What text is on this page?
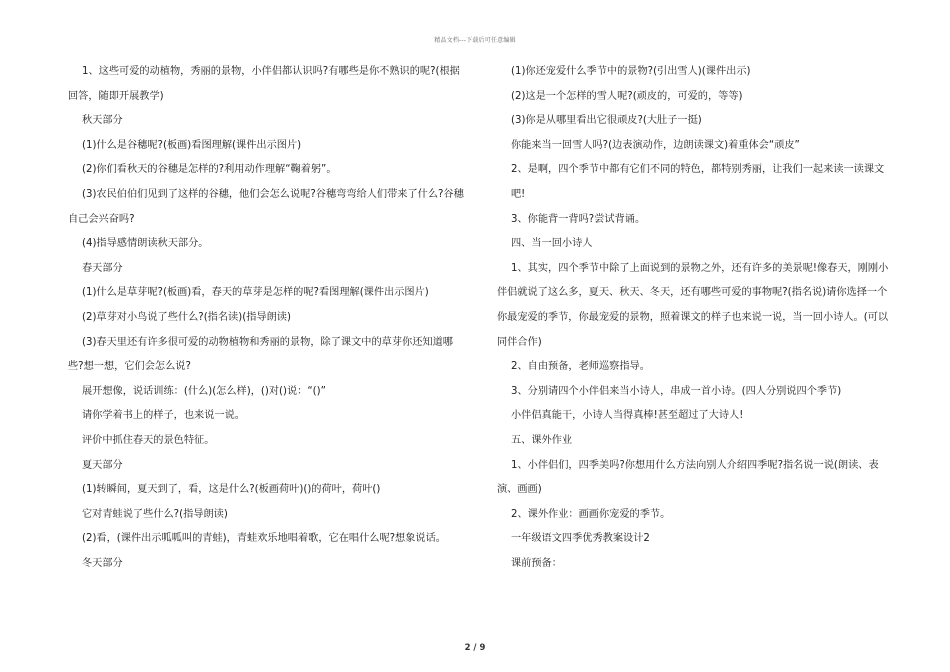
精品文档---下载后可任意编辑

1、这些可爱的动植物，秀丽的景物，小伴侣都认识吗?有哪些是你不熟识的呢?(根据回答，随即开展教学)

秋天部分

(1)什么是谷穗呢?(板画)看图理解(课件出示图片)

(2)你们看秋天的谷穗是怎样的?利用动作理解“鞠着躬”。

(3)农民伯伯们见到了这样的谷穗，他们会怎么说呢?谷穗弯弯给人们带来了什么?谷穗自己会兴奋吗?

(4)指导感情朗读秋天部分。

春天部分

(1)什么是草芽呢?(板画)看，春天的草芽是怎样的呢?看图理解(课件出示图片)

(2)草芽对小鸟说了些什么?(指名读)(指导朗读)

(3)春天里还有许多很可爱的动物植物和秀丽的景物，除了课文中的草芽你还知道哪些?想一想，它们会怎么说?

展开想像，说话训练：(什么)(怎么样)，()对()说：“()”

请你学着书上的样子，也来说一说。

评价中抓住春天的景色特征。

夏天部分

(1)转瞬间，夏天到了，看，这是什么?(板画荷叶)()的荷叶，荷叶()

它对青蛙说了些什么?(指导朗读)

(2)看，(课件出示呱呱叫的青蛙)，青蛙欢乐地唱着歌，它在唱什么呢?想象说话。

冬天部分

(1)你还宠爱什么季节中的景物?(引出雪人)(课件出示)

(2)这是一个怎样的雪人呢?(顽皮的，可爱的，等等)

(3)你是从哪里看出它很顽皮?(大肚子一挺)

你能来当一回雪人吗?(边表演动作，边朗读课文)着重体会“顽皮”

2、是啊，四个季节中都有它们不同的特色，都特别秀丽，让我们一起来读一读课文

吧!

3、你能背一背吗?尝试背诵。

四、当一回小诗人

1、其实，四个季节中除了上面说到的景物之外，还有许多的美景呢!像春天，刚刚小伴侣就说了这么多，夏天、秋天、冬天，还有哪些可爱的事物呢?(指名说)请你选择一个你最宠爱的季节，你最宠爱的景物，照着课文的样子也来说一说，当一回小诗人。(可以同伴合作)

2、自由预备，老师巡察指导。

3、分别请四个小伴侣来当小诗人，串成一首小诗。(四人分别说四个季节)

小伴侣真能干，小诗人当得真棒!甚至超过了大诗人!

五、课外作业

1、小伴侣们，四季美吗?你想用什么方法向别人介绍四季呢?指名说一说(朗读、表演、画画)

2、课外作业：画画你宠爱的季节。

一年级语文四季优秀教案设计2

课前预备：

2 / 9
